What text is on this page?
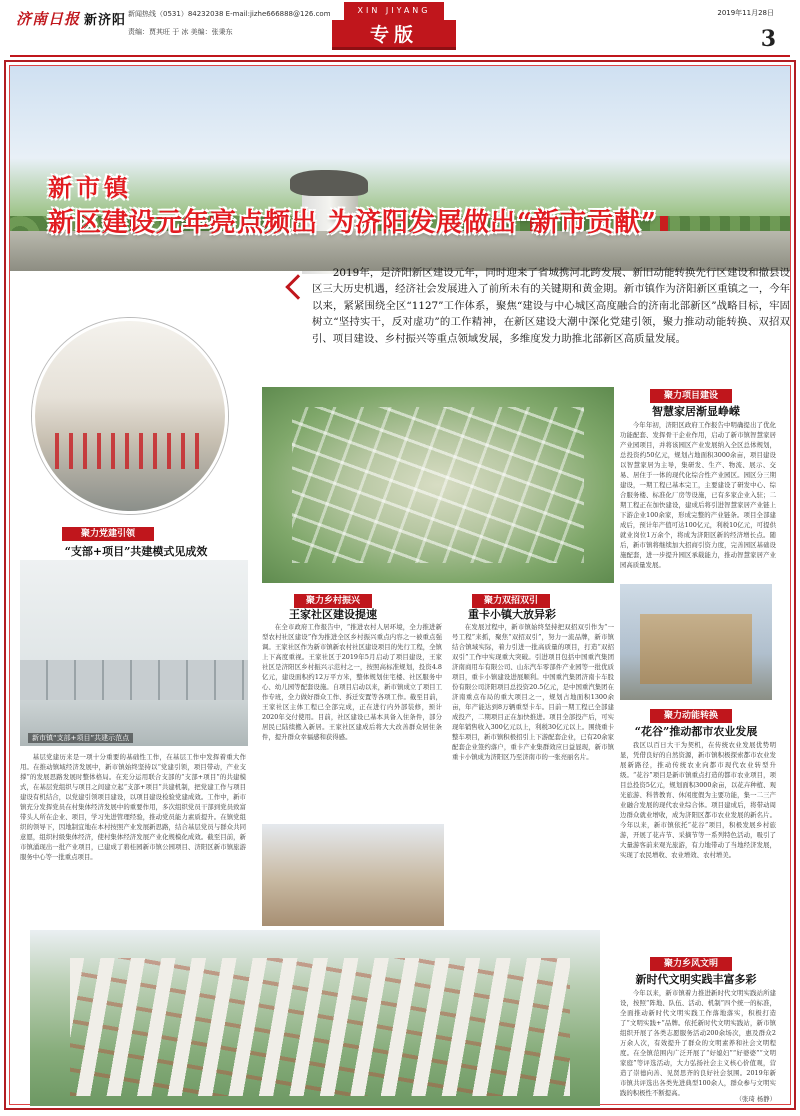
济南日报 新济阳 新闻热线（0531）84232038 E-mail:jizhe666888@126.com
责编：贾其旺 于 冰 美编：张秉东
XIN JIYANG
专版
2019年11月28日
3
新市镇
新区建设元年亮点频出 为济阳发展做出“新市贡献”

2019年，是济阳新区建设元年，同时迎来了省城携河北跨发展、新旧动能转换先行区建设和撤县设区三大历史机遇，经济社会发展进入了前所未有的关键期和黄金期。新市镇作为济阳新区重镇之一，今年以来，紧紧围绕全区“1127”工作体系，聚焦“建设与中心城区高度融合的济南北部新区”战略目标，牢固树立“坚持实干，反对虚功”的工作精神，在新区建设大潮中深化党建引领，聚力推动动能转换、双招双引、项目建设、乡村振兴等重点领域发展，多维度发力助推北部新区高质量发展。

聚力党建引领
“支部+项目”共建模式见成效
新市镇“支部+项目”共建示范点

基层党建历来是一项十分重要的基础性工作，在基层工作中发挥着重大作用。在推动镇域经济发展中，新市镇始终坚持以“党建引领，项目带动，产业支撑”的发展思路发展时整体格局。在充分运用联合支部的“支部+项目”的共建模式，在基层党组织与项目之间建立起“支部+项目”共建机制，把党建工作与项目建设有机结合，以党建引领项目建设，以项目建设检验党建成效。工作中，新市镇充分发挥党员在村集体经济发展中的重要作用，多次组织党员干部到党员致富带头人所在企业、项目，学习先进管理经验，推动党员能力素质提升。在镇党组织的领导下，因地制宜地在本村按照产业发展新思路，结合基层党员与群众共同意愿，组织村级集体经济，使村集体经济发展产业化规模化成效。截至目前，新市镇涌现出一批产业项目，已建成了碧桂园新市镇公园项目、济阳区新市镇旅游服务中心等一批重点项目。

聚力乡村振兴
王家社区建设提速

在全市政府工作报告中，“推进农村人居环境，全力推进新型农村社区建设”作为推进全区乡村振兴重点内容之一被重点强调。王家社区作为新市镇新农村社区建设项目的先行工程，全镇上下高度重视。王家社区于2019年5月启动了项目建设，王家社区是济阳区乡村振兴示范村之一，按照高标准规划，投资4.8亿元，建设面积约12万平方米，整体规划住宅楼、社区服务中心、幼儿园等配套设施。自项目启动以来，新市镇成立了项目工作专班，全力做好群众工作、拆迁安置等各项工作。截至目前，王家社区主体工程已全部完成，正在进行内外部装修，预计2020年交付使用。目前，社区建设已基本具备入住条件，部分居民已陆续搬入新居。王家社区建成后将大大改善群众居住条件，提升群众幸福感和获得感。

聚力双招双引
重卡小镇大放异彩

在发展过程中，新市镇始终坚持把双招双引作为“一号工程”来抓，聚焦“双招双引”，努力一流品牌，新市镇结合镇域实际，着力引进一批高质量的项目，打造“双招双引”工作中实现重大突破。引进项目包括中国重汽集团济南商用车有限公司、山东汽车零部件产业园等一批优质项目，重卡小镇建设进展顺利。中国重汽集团济南卡车股份有限公司济阳项目总投资20.5亿元，是中国重汽集团在济南重点布局的重大项目之一，规划占地面积1300余亩，年产能达到8万辆重型卡车。目前一期工程已全部建成投产，二期项目正在加快推进。项目全部投产后，可实现年销售收入300亿元以上，利税30亿元以上。围绕重卡整车项目，新市镇积极招引上下游配套企业，已有20余家配套企业签约落户，重卡产业集群效应日益显现，新市镇重卡小镇成为济阳区乃至济南市的一张亮丽名片。

聚力项目建设
智慧家居渐显峥嵘

今年年初，济阳区政府工作报告中明确提出了优化功能配套、发挥骨干企业作用，启动了新市镇智慧家居产业园项目，并将该园区产业发展纳入全区总体规划，总投资约50亿元，规划占地面积3000余亩，项目建设以智慧家居为主导，集研发、生产、物流、展示、交易、居住于一体的现代化综合性产业园区。园区分三期建设，一期工程已基本完工，主要建设了研发中心、综合服务楼、标准化厂房等设施，已有多家企业入驻；二期工程正在加快建设，建成后将引进智慧家居产业链上下游企业100余家，形成完整的产业链条。项目全部建成后，预计年产值可达100亿元，利税10亿元，可提供就业岗位1万余个，将成为济阳区新的经济增长点。随后，新市镇将继续加大招商引资力度，完善园区基础设施配套，进一步提升园区承载能力，推动智慧家居产业园高质量发展。

聚力动能转换
“花谷”推动都市农业发展

我区以百日大干为契机，在传统农业发展优势明显，凭借良好的自然资源，新市镇积极探索都市农业发展新路径，推动传统农业向都市现代农业转型升级。“花谷”项目是新市镇重点打造的都市农业项目，项目总投资5亿元，规划面积3000余亩，以花卉种植、观光旅游、科普教育、休闲度假为主要功能，集一二三产业融合发展的现代农业综合体。项目建成后，将带动周边群众就业增收，成为济阳区都市农业发展的新名片。今年以来，新市镇依托“花谷”项目，积极发展乡村旅游，开展了花卉节、采摘节等一系列特色活动，吸引了大量游客前来观光旅游，有力地带动了当地经济发展，实现了农民增收、农业增效、农村增美。

聚力乡风文明
新时代文明实践丰富多彩

今年以来，新市镇着力推进新时代文明实践站所建设，按照“阵地、队伍、活动、机制”四个统一的标准，全面推动新时代文明实践工作落地落实，积极打造了“文明实践+”品牌。依托新时代文明实践站，新市镇组织开展了各类志愿服务活动200余场次，惠及群众2万余人次，有效提升了群众的文明素养和社会文明程度。在全镇范围内广泛开展了“好媳妇”“好婆婆”“文明家庭”等评选活动，大力弘扬社会主义核心价值观，营造了崇德向善、见贤思齐的良好社会氛围。2019年新市镇共评选出各类先进典型100余人，群众参与文明实践的积极性不断提高。

（张琦 杨静）
